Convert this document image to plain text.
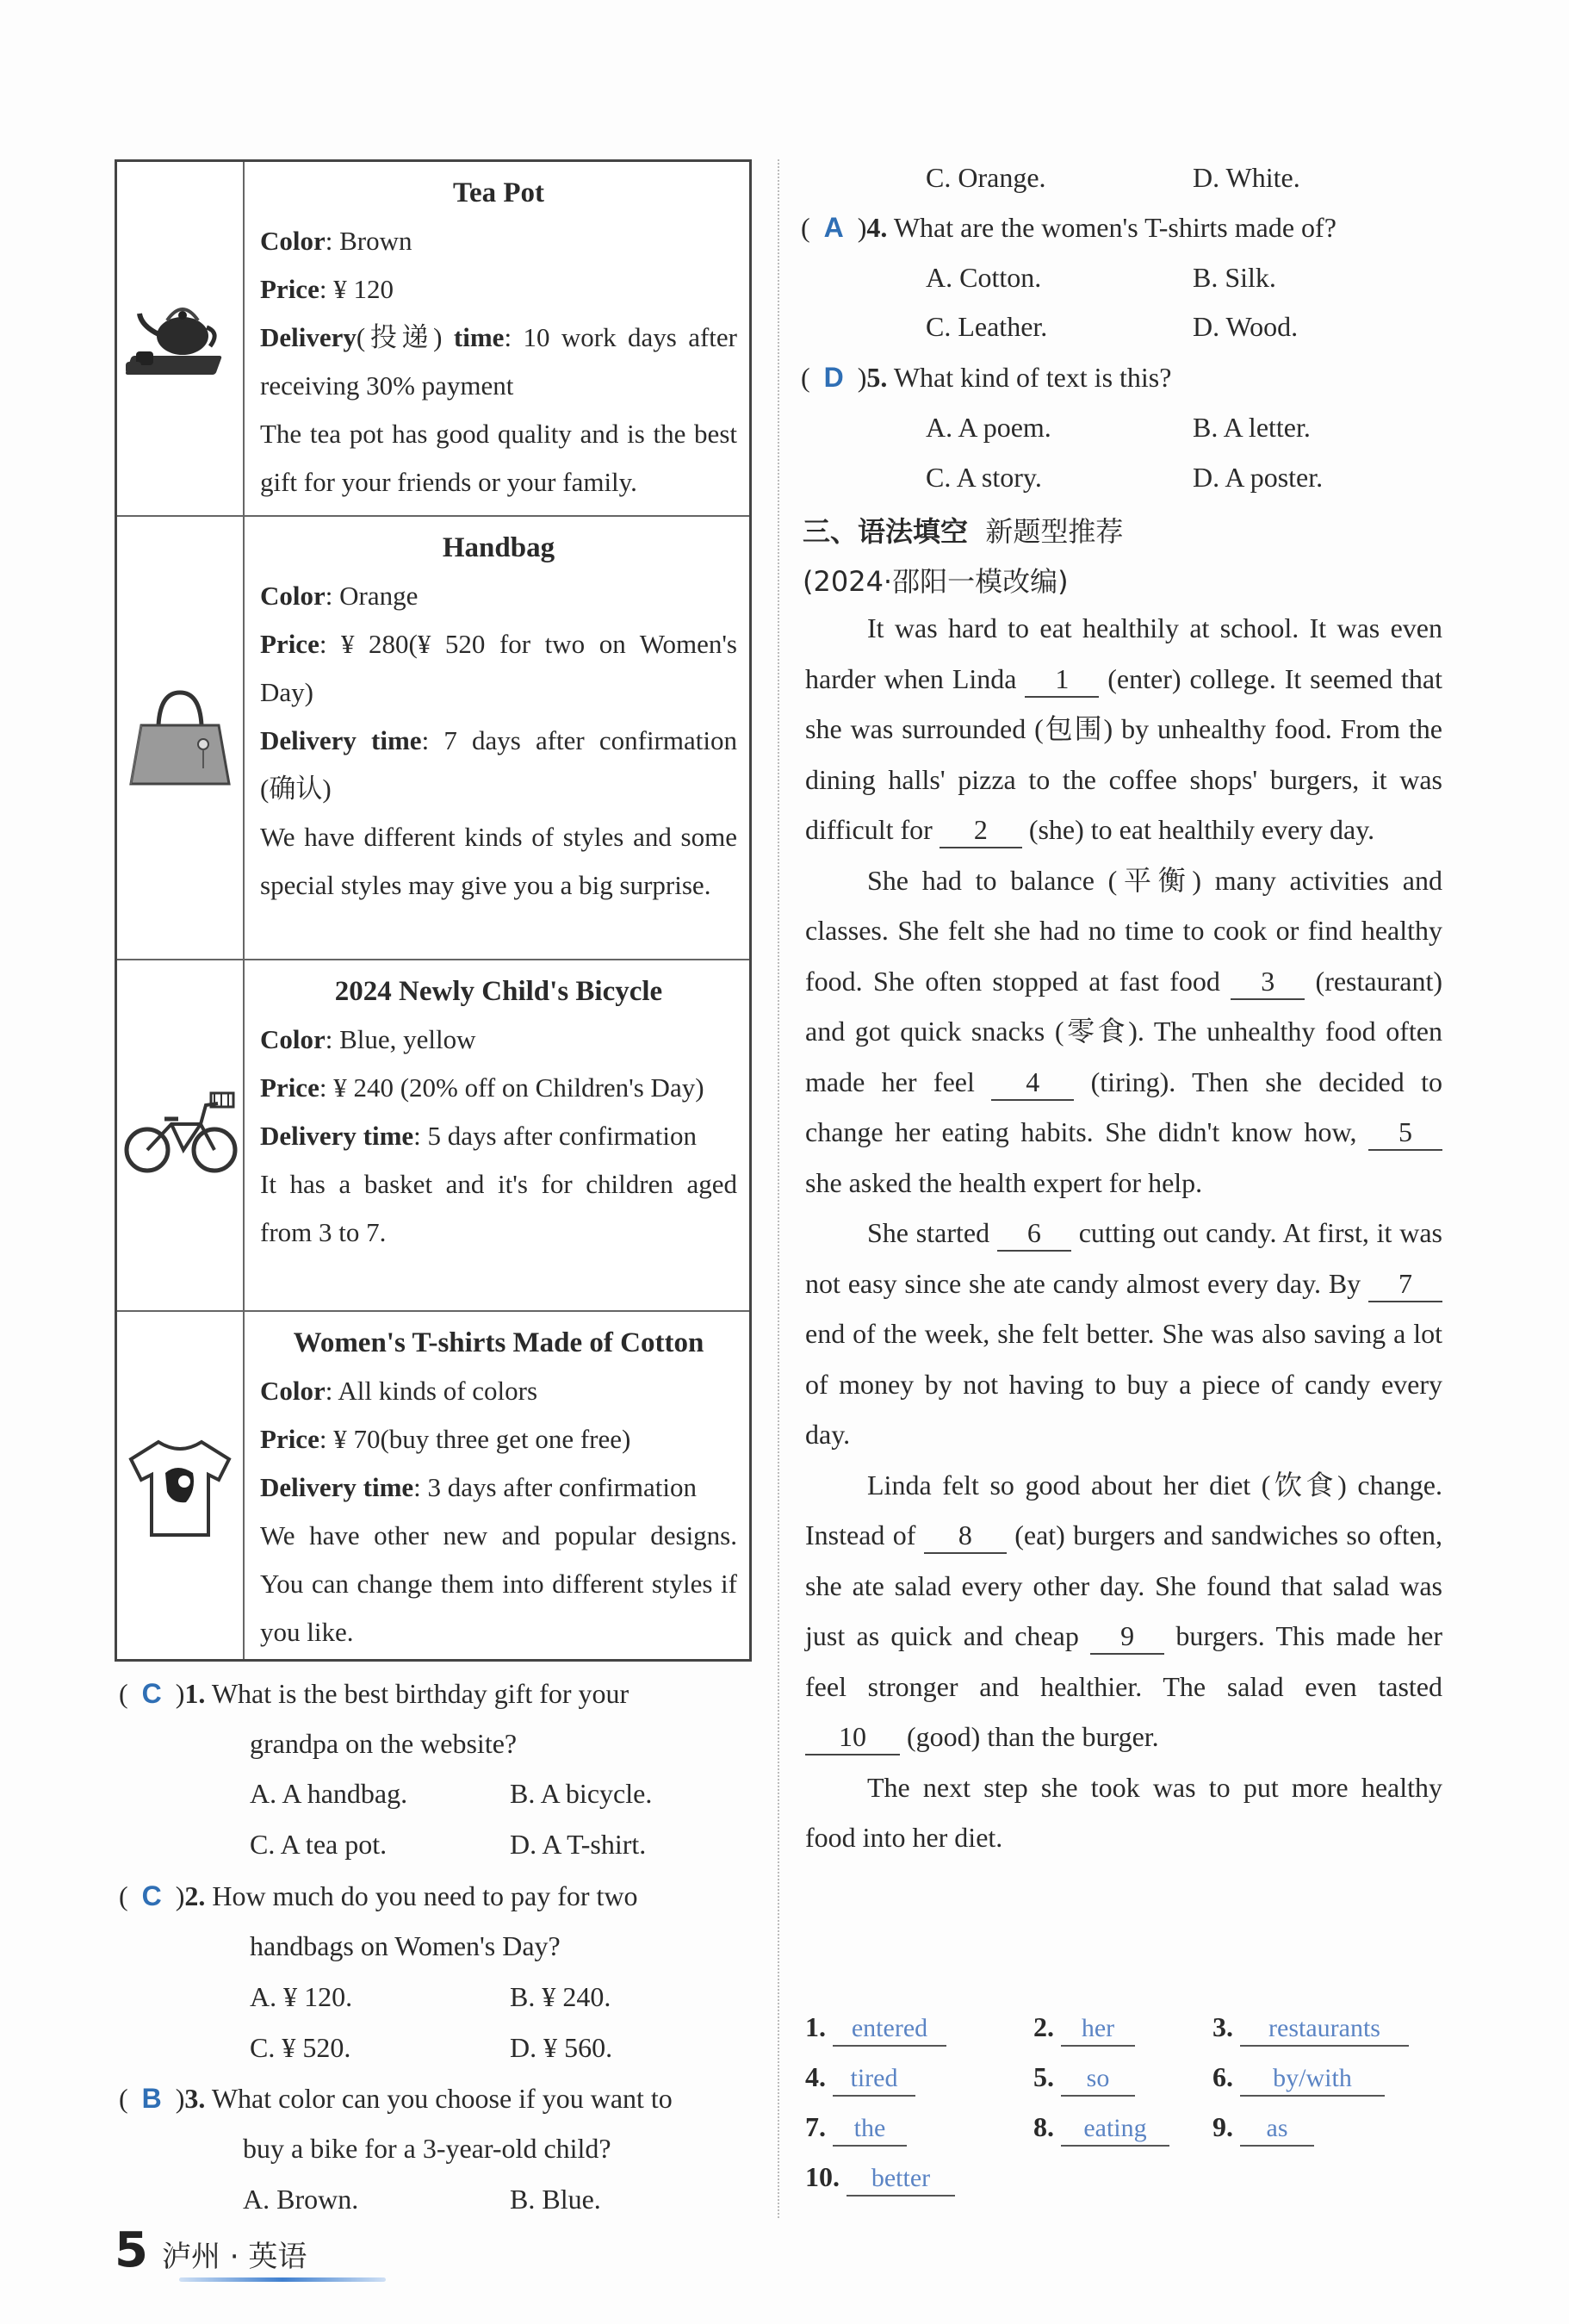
Tea Pot
Color: Brown
Price: ¥ 120
Delivery(投递) time: 10 work days after receiving 30% payment
The tea pot has good quality and is the best gift for your friends or your family.
Handbag
Color: Orange
Price: ¥ 280(¥ 520 for two on Women's Day)
Delivery time: 7 days after confirmation (确认)
We have different kinds of styles and some special styles may give you a big surprise.
2024 Newly Child's Bicycle
Color: Blue, yellow
Price: ¥ 240 (20% off on Children's Day)
Delivery time: 5 days after confirmation
It has a basket and it's for children aged from 3 to 7.
Women's T-shirts Made of Cotton
Color: All kinds of colors
Price: ¥ 70(buy three get one free)
Delivery time: 3 days after confirmation
We have other new and popular designs. You can change them into different styles if you like.
(  C  )1. What is the best birthday gift for your
grandpa on the website?
A. A handbag.	B. A bicycle.
C. A tea pot.	D. A T-shirt.
(  C  )2. How much do you need to pay for two
handbags on Women's Day?
A. ¥ 120.	B. ¥ 240.
C. ¥ 520.	D. ¥ 560.
(  B  )3. What color can you choose if you want to
buy a bike for a 3-year-old child?
A. Brown.	B. Blue.
C. Orange.	D. White.
(  A  )4. What are the women's T-shirts made of?
A. Cotton.	B. Silk.
C. Leather.	D. Wood.
(  D  )5. What kind of text is this?
A. A poem.	B. A letter.
C. A story.	D. A poster.
三、语法填空 新题型推荐
(2024·邵阳一模改编)

It was hard to eat healthily at school. It was even harder when Linda 1 (enter) college. It seemed that she was surrounded (包围) by unhealthy food. From the dining halls' pizza to the coffee shops' burgers, it was difficult for 2 (she) to eat healthily every day.

She had to balance (平衡) many activities and classes. She felt she had no time to cook or find healthy food. She often stopped at fast food 3 (restaurant) and got quick snacks (零食). The unhealthy food often made her feel 4 (tiring). Then she decided to change her eating habits. She didn't know how, 5 she asked the health expert for help.

She started 6 cutting out candy. At first, it was not easy since she ate candy almost every day. By 7 end of the week, she felt better. She was also saving a lot of money by not having to buy a piece of candy every day.

Linda felt so good about her diet (饮食) change. Instead of 8 (eat) burgers and sandwiches so often, she ate salad every other day. She found that salad was just as quick and cheap 9 burgers. This made her feel stronger and healthier. The salad even tasted 10 (good) than the burger.

The next step she took was to put more healthy food into her diet.

1. entered	2. her	3. restaurants
4. tired	5. so	6. by/with
7. the	8. eating	9. as
10. better
5 泸州 · 英语
